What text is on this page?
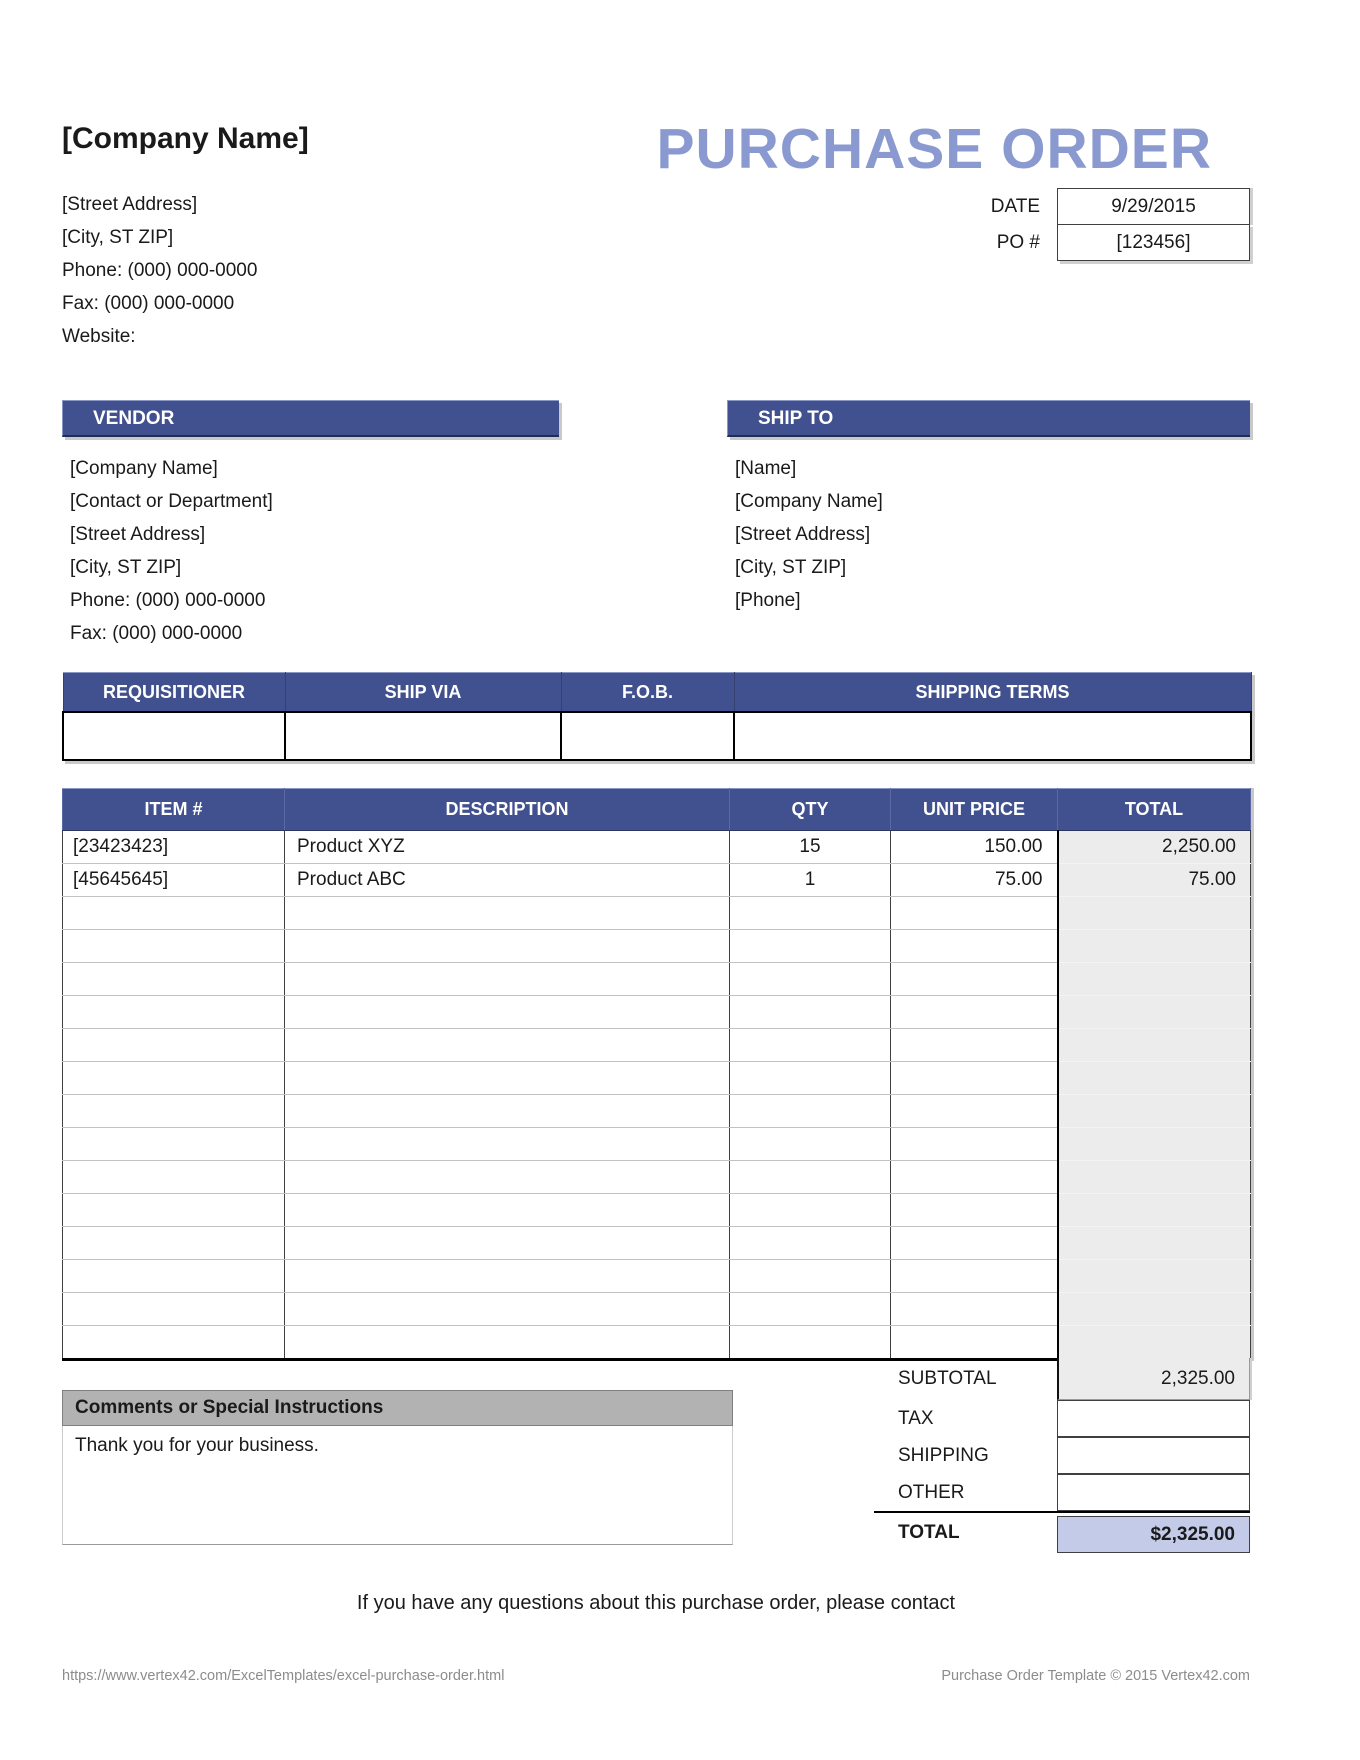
[Company Name]
[Street Address]
[City, ST ZIP]
Phone: (000) 000-0000
Fax: (000) 000-0000
Website:
PURCHASE ORDER
DATE	9/29/2015
PO #	[123456]
VENDOR
[Company Name]
[Contact or Department]
[Street Address]
[City, ST ZIP]
Phone: (000) 000-0000
Fax: (000) 000-0000
SHIP TO
[Name]
[Company Name]
[Street Address]
[City, ST ZIP]
[Phone]
REQUISITIONER	SHIP VIA	F.O.B.	SHIPPING TERMS

ITEM #	DESCRIPTION	QTY	UNIT PRICE	TOTAL
[23423423]	Product XYZ	15	150.00	2,250.00
[45645645]	Product ABC	1	75.00	75.00

SUBTOTAL	2,325.00
TAX
SHIPPING
OTHER
TOTAL	$2,325.00
Comments or Special Instructions
Thank you for your business.
If you have any questions about this purchase order, please contact
https://www.vertex42.com/ExcelTemplates/excel-purchase-order.html	Purchase Order Template © 2015 Vertex42.com
